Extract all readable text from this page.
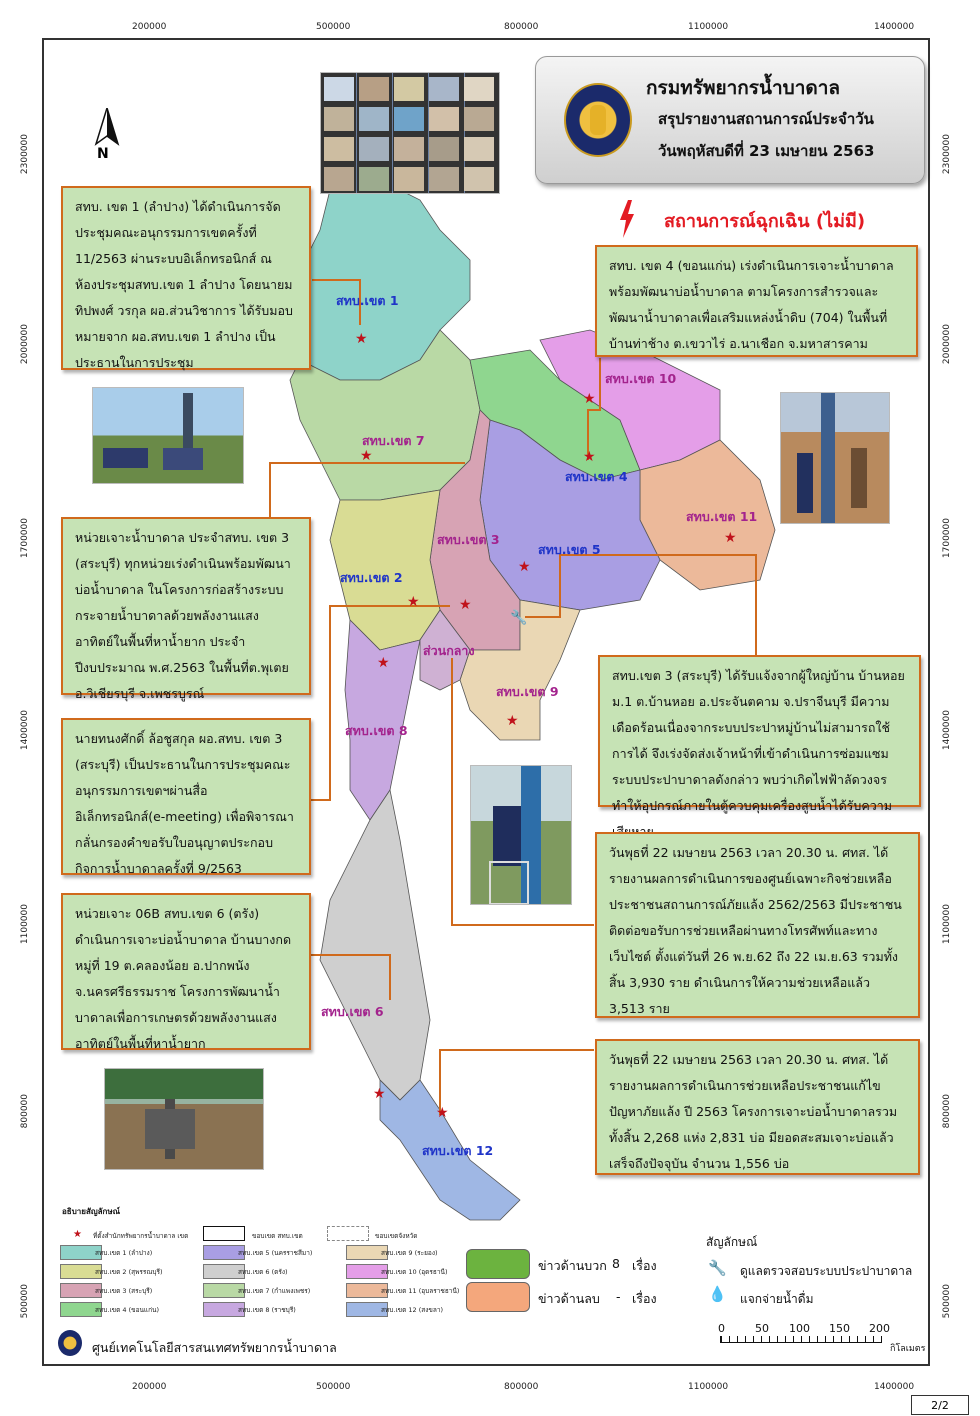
200000	500000	800000	1100000	1400000
200000	500000	800000	1100000	1400000
2300000
2000000
1700000
1400000
1100000
800000
500000
2300000
2000000
1700000
1400000
1100000
800000
500000
สทบ.เขต 1
สทบ.เขต 2
สทบ.เขต 3
สทบ.เขต 4
สทบ.เขต 5
สทบ.เขต 6
สทบ.เขต 7
สทบ.เขต 8
สทบ.เขต 9
สทบ.เขต 10
สทบ.เขต 11
สทบ.เขต 12
ส่วนกลาง
★
★
★	★
★
★
★
★
★
★
★
★
🔧
N
กรมทรัพยากรน้ำบาดาล
สรุปรายงานสถานการณ์ประจำวัน
วันพฤหัสบดีที่ 23 เมษายน 2563
สถานการณ์ฉุกเฉิน (ไม่มี)
สทบ. เขต 1 (ลำปาง) ได้ดำเนินการจัดประชุมคณะอนุกรรมการเขตครั้งที่ 11/2563 ผ่านระบบอิเล็กทรอนิกส์ ณ ห้องประชุมสทบ.เขต 1 ลำปาง โดยนายมทิปพงศ์ วรกุล ผอ.ส่วนวิชาการ ได้รับมอบหมายจาก ผอ.สทบ.เขต 1 ลำปาง เป็นประธานในการประชุม
หน่วยเจาะน้ำบาดาล ประจำสทบ. เขต 3 (สระบุรี) ทุกหน่วยเร่งดำเนินพร้อมพัฒนาบ่อน้ำบาดาล ในโครงการก่อสร้างระบบกระจายน้ำบาดาลด้วยพลังงานแสงอาทิตย์ในพื้นที่หาน้ำยาก ประจำปีงบประมาณ พ.ศ.2563 ในพื้นที่ต.พุเตย อ.วิเชียรบุรี จ.เพชรบูรณ์
นายทนงศักดิ์ ล้อชูสกุล ผอ.สทบ. เขต 3 (สระบุรี) เป็นประธานในการประชุมคณะอนุกรรมการเขตฯผ่านสื่ออิเล็กทรอนิกส์(e-meeting) เพื่อพิจารณากลั่นกรองคำขอรับใบอนุญาตประกอบกิจการน้ำบาดาลครั้งที่ 9/2563
หน่วยเจาะ 06B สทบ.เขต 6 (ตรัง) ดำเนินการเจาะบ่อน้ำบาดาล บ้านบางกดหมู่ที่ 19 ต.คลองน้อย อ.ปากพนัง จ.นครศรีธรรมราช โครงการพัฒนาน้ำบาดาลเพื่อการเกษตรด้วยพลังงานแสงอาทิตย์ในพื้นที่หาน้ำยาก
สทบ. เขต 4 (ขอนแก่น) เร่งดำเนินการเจาะน้ำบาดาลพร้อมพัฒนาบ่อน้ำบาดาล ตามโครงการสำรวจและพัฒนาน้ำบาดาลเพื่อเสริมแหล่งน้ำดิบ (704) ในพื้นที่บ้านท่าช้าง ต.เขวาไร่ อ.นาเชือก จ.มหาสารคาม
สทบ.เขต 3 (สระบุรี) ได้รับแจ้งจากผู้ใหญ่บ้าน บ้านหอย ม.1 ต.บ้านหอย อ.ประจันตคาม จ.ปราจีนบุรี มีความเดือดร้อนเนื่องจากระบบประปาหมู่บ้านไม่สามารถใช้การได้ จึงเร่งจัดส่งเจ้าหน้าที่เข้าดำเนินการซ่อมแซมระบบประปาบาดาลดังกล่าว พบว่าเกิดไฟฟ้าลัดวงจร ทำให้อุปกรณ์ภายในตู้ควบคุมเครื่องสูบน้ำได้รับความ
วันพุธที่ 22 เมษายน 2563 เวลา 20.30 น. ศทส. ได้รายงานผลการดำเนินการของศูนย์เฉพาะกิจช่วยเหลือประชาชนสถานการณ์ภัยแล้ง 2562/2563 มีประชาชนติดต่อขอรับการช่วยเหลือผ่านทางโทรศัพท์และทางเว็บไซต์ ตั้งแต่วันที่ 26 พ.ย.62 ถึง 22 เม.ย.63 รวมทั้งสิ้น 3,930 ราย ดำเนินการให้ความช่วยเหลือแล้ว 3,513 ราย
วันพุธที่ 22 เมษายน 2563 เวลา 20.30 น. ศทส. ได้รายงานผลการดำเนินการช่วยเหลือประชาชนแก้ไขปัญหาภัยแล้ง ปี 2563 โครงการเจาะบ่อน้ำบาดาลรวมทั้งสิ้น 2,268 แห่ง 2,831 บ่อ มียอดสะสมเจาะบ่อแล้วเสร็จถึงปัจจุบัน จำนวน 1,556 บ่อ
อธิบายสัญลักษณ์
★ ที่ตั้งสำนักทรัพยากรน้ำบาดาล เขต	ขอบเขต สทบ.เขต	ขอบเขตจังหวัด
สทบ.เขต 1 (ลำปาง)
สทบ.เขต 2 (สุพรรณบุรี)
สทบ.เขต 3 (สระบุรี)
สทบ.เขต 4 (ขอนแก่น)
สทบ.เขต 5 (นครราชสีมา)
สทบ.เขต 6 (ตรัง)
สทบ.เขต 7 (กำแพงเพชร)
สทบ.เขต 8 (ราชบุรี)
สทบ.เขต 9 (ระยอง)
สทบ.เขต 10 (อุดรธานี)
สทบ.เขต 11 (อุบลราชธานี)
สทบ.เขต 12 (สงขลา)
ข่าวด้านบวก 8 เรื่อง
ข่าวด้านลบ - เรื่อง
สัญลักษณ์
🔧 ดูแลตรวจสอบระบบประปาบาดาล
💧 แจกจ่ายน้ำดื่ม
0	50 100 150 200
กิโลเมตร
ศูนย์เทคโนโลยีสารสนเทศทรัพยากรน้ำบาดาล
2/2
